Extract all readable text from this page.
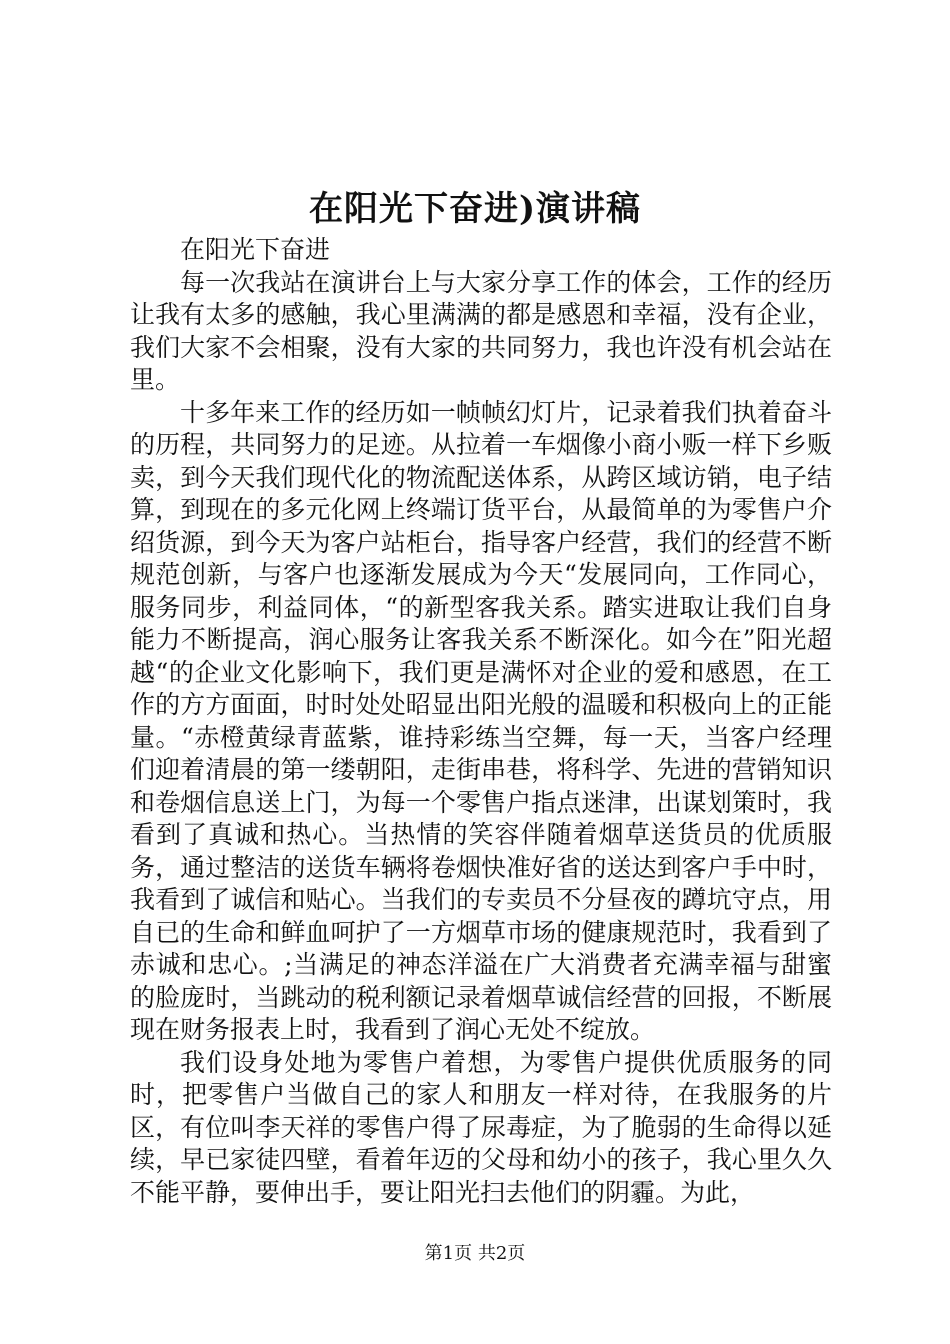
在阳光下奋进)演讲稿

在阳光下奋进

每一次我站在演讲台上与大家分享工作的体会，工作的经历让我有太多的感触，我心里满满的都是感恩和幸福，没有企业，我们大家不会相聚，没有大家的共同努力，我也许没有机会站在里。

十多年来工作的经历如一帧帧幻灯片，记录着我们执着奋斗的历程，共同努力的足迹。从拉着一车烟像小商小贩一样下乡贩卖，到今天我们现代化的物流配送体系，从跨区域访销，电子结算，到现在的多元化网上终端订货平台，从最简单的为零售户介绍货源，到今天为客户站柜台，指导客户经营，我们的经营不断规范创新，与客户也逐渐发展成为今天“发展同向，工作同心，服务同步，利益同体，“的新型客我关系。踏实进取让我们自身能力不断提高，润心服务让客我关系不断深化。如今在”阳光超越“的企业文化影响下，我们更是满怀对企业的爱和感恩，在工作的方方面面，时时处处昭显出阳光般的温暖和积极向上的正能量。“赤橙黄绿青蓝紫，谁持彩练当空舞，每一天，当客户经理们迎着清晨的第一缕朝阳，走街串巷，将科学、先进的营销知识和卷烟信息送上门，为每一个零售户指点迷津，出谋划策时，我看到了真诚和热心。当热情的笑容伴随着烟草送货员的优质服务，通过整洁的送货车辆将卷烟快准好省的送达到客户手中时，我看到了诚信和贴心。当我们的专卖员不分昼夜的蹲坑守点，用自已的生命和鲜血呵护了一方烟草市场的健康规范时，我看到了赤诚和忠心。;当满足的神态洋溢在广大消费者充满幸福与甜蜜的脸庞时，当跳动的税利额记录着烟草诚信经营的回报，不断展现在财务报表上时，我看到了润心无处不绽放。

我们设身处地为零售户着想，为零售户提供优质服务的同时，把零售户当做自己的家人和朋友一样对待，在我服务的片区，有位叫李天祥的零售户得了尿毒症，为了脆弱的生命得以延续，早已家徒四壁，看着年迈的父母和幼小的孩子，我心里久久不能平静，要伸出手，要让阳光扫去他们的阴霾。为此，

第1页 共2页
